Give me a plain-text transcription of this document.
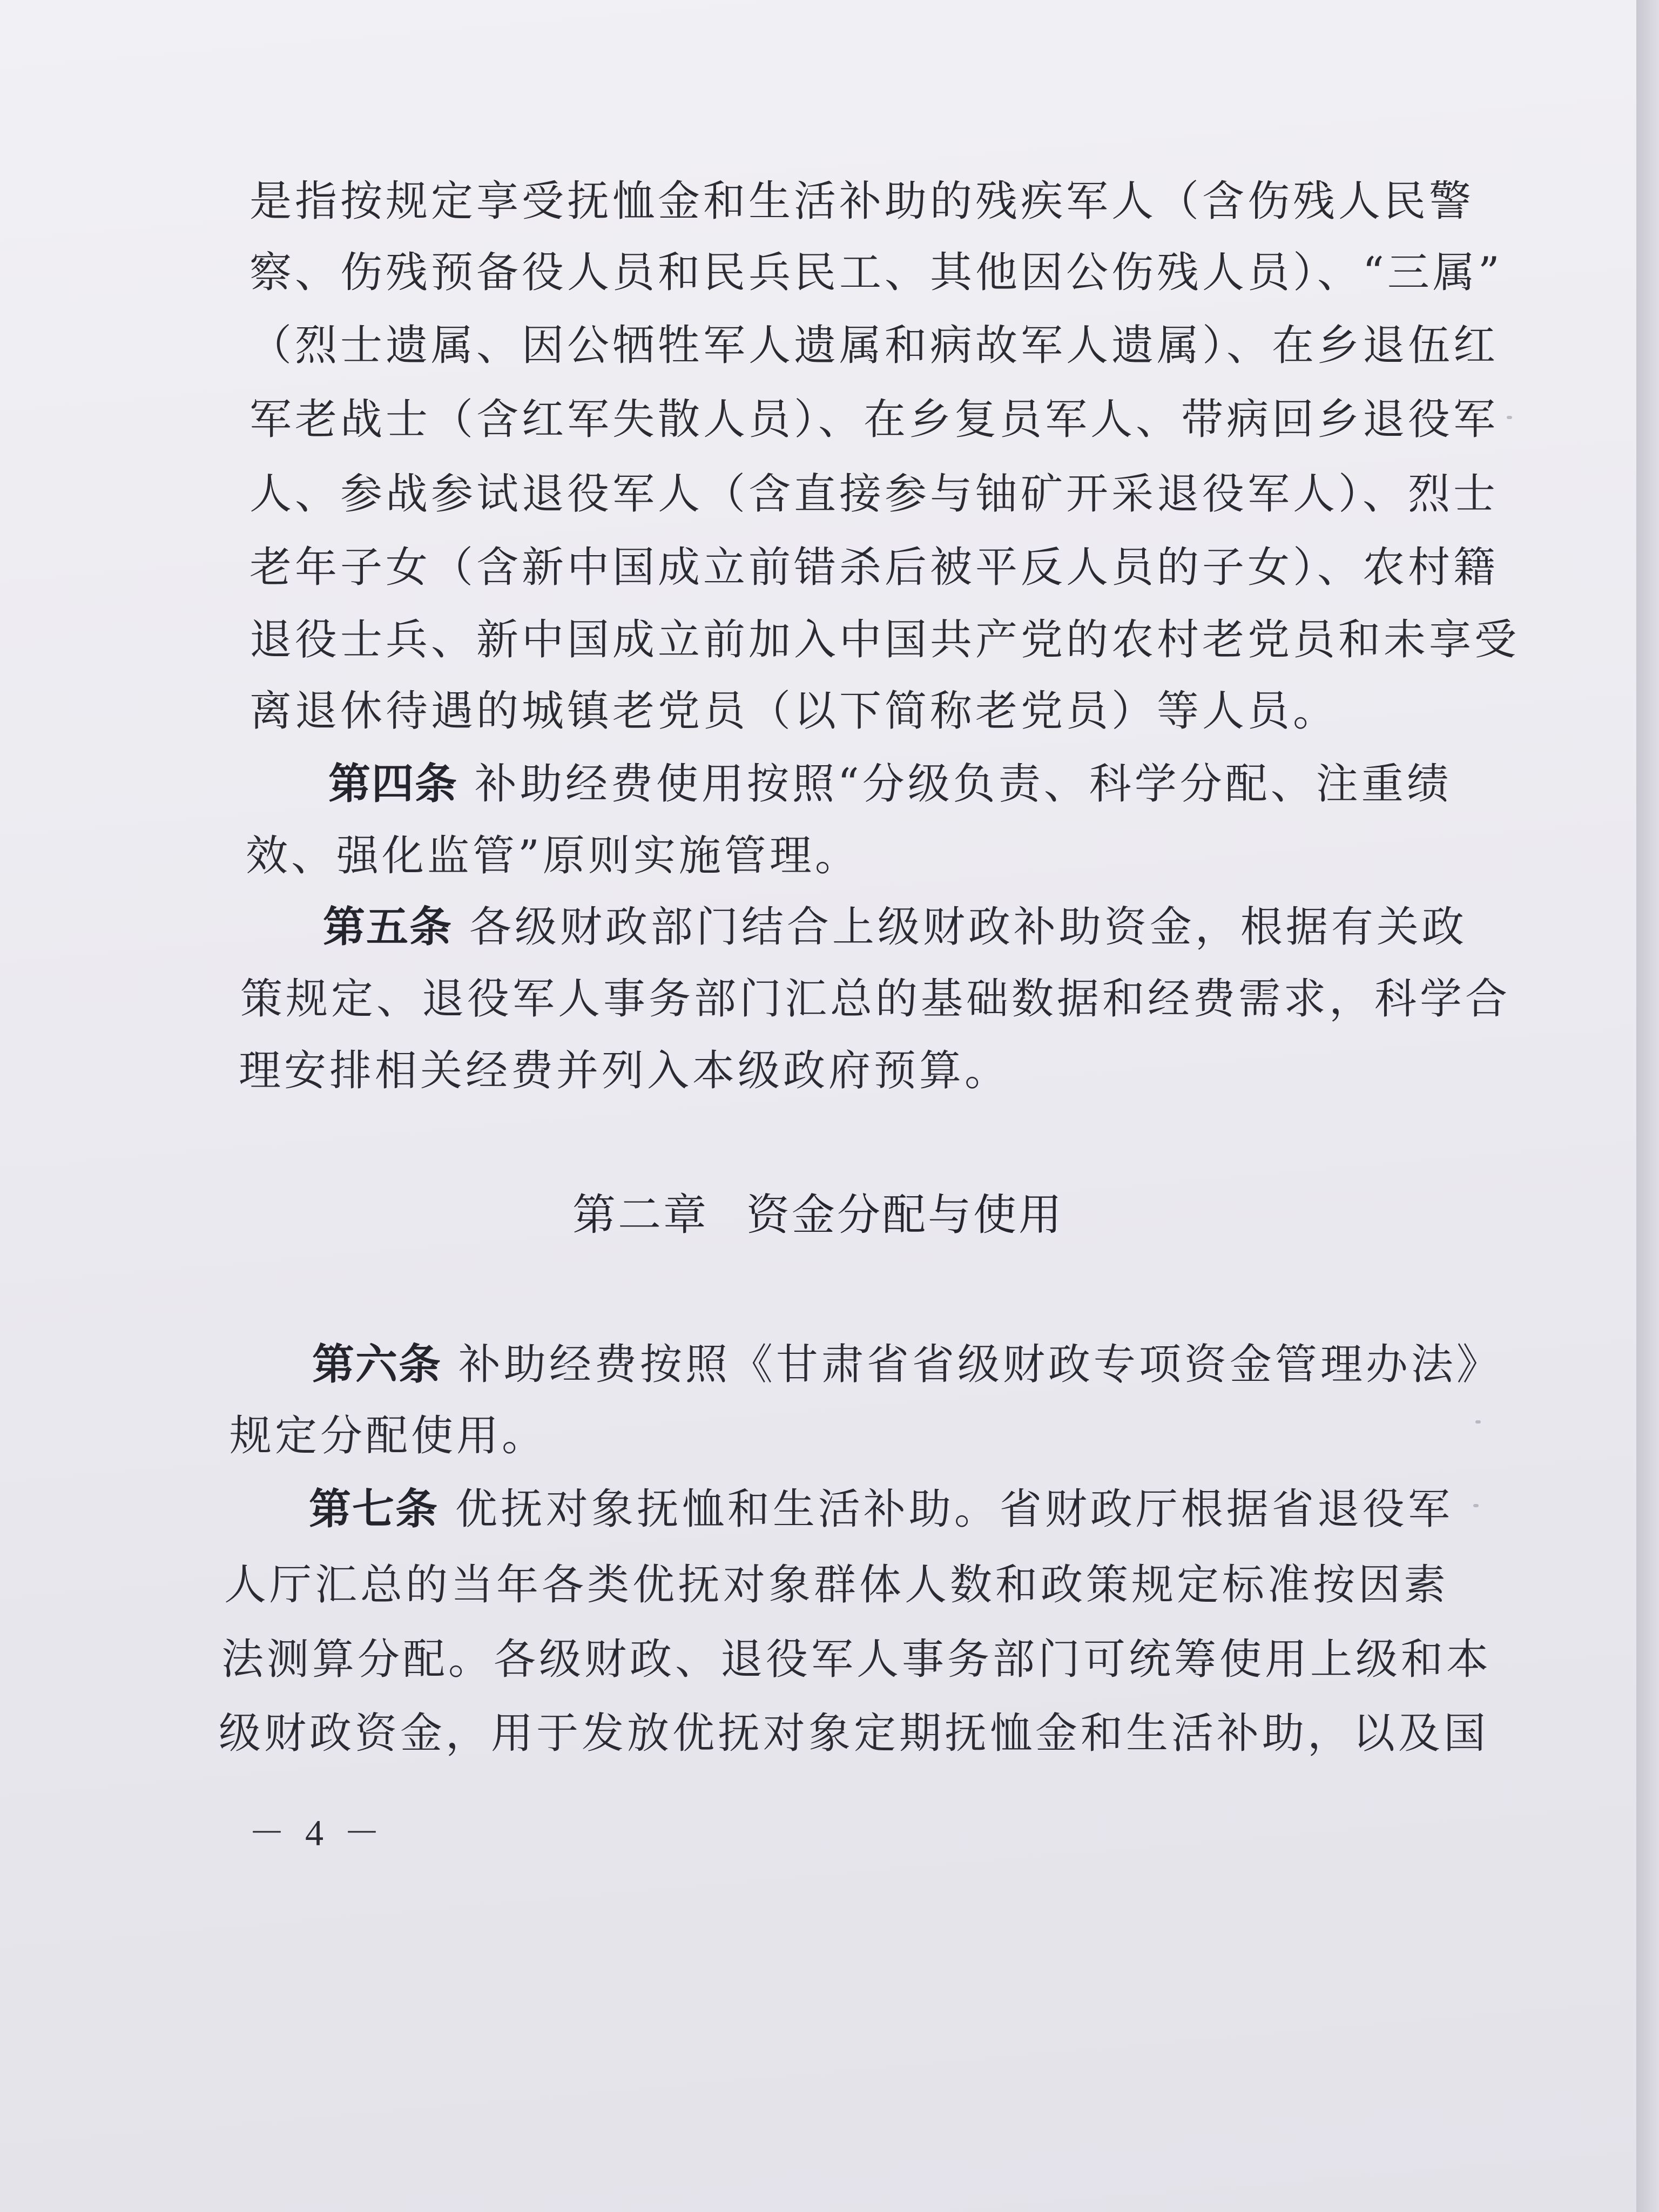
是指按规定享受抚恤金和生活补助的残疾军人（含伤残人民警

察、伤残预备役人员和民兵民工、其他因公伤残人员）、“三属”

（烈士遗属、因公牺牲军人遗属和病故军人遗属）、在乡退伍红

军老战士（含红军失散人员）、在乡复员军人、带病回乡退役军

人、参战参试退役军人（含直接参与铀矿开采退役军人）、烈士

老年子女（含新中国成立前错杀后被平反人员的子女）、农村籍

退役士兵、新中国成立前加入中国共产党的农村老党员和未享受

离退休待遇的城镇老党员（以下简称老党员）等人员。

第四条 补助经费使用按照“分级负责、科学分配、注重绩

效、强化监管”原则实施管理。

第五条 各级财政部门结合上级财政补助资金，根据有关政

策规定、退役军人事务部门汇总的基础数据和经费需求，科学合

理安排相关经费并列入本级政府预算。

第二章 资金分配与使用

第六条 补助经费按照《甘肃省省级财政专项资金管理办法》

规定分配使用。

第七条 优抚对象抚恤和生活补助。省财政厅根据省退役军

人厅汇总的当年各类优抚对象群体人数和政策规定标准按因素

法测算分配。各级财政、退役军人事务部门可统筹使用上级和本

级财政资金，用于发放优抚对象定期抚恤金和生活补助，以及国

－ 4 －
